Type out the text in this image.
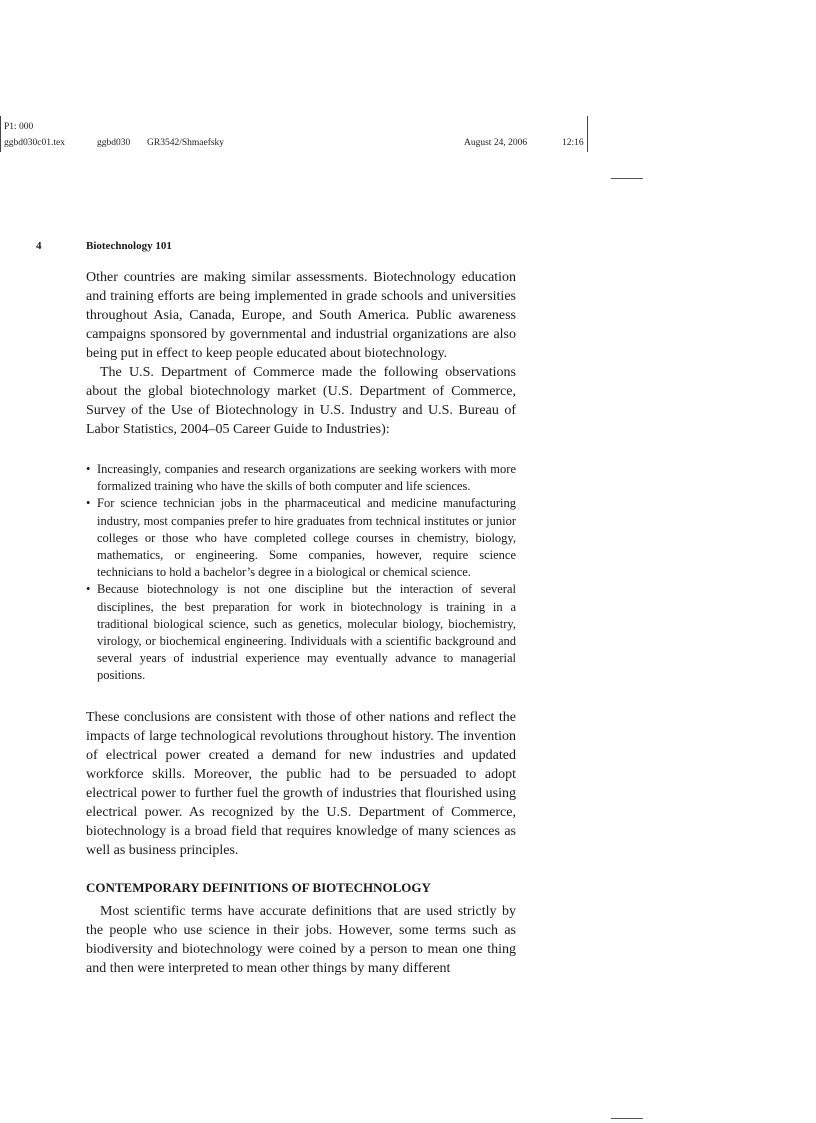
P1: 000
ggbd030c01.tex	ggbd030 GR3542/Shmaefsky	August 24, 2006	12:16
4	Biotechnology 101

Other countries are making similar assessments. Biotechnology education and training efforts are being implemented in grade schools and universities throughout Asia, Canada, Europe, and South America. Public awareness campaigns sponsored by governmental and industrial organizations are also being put in effect to keep people educated about biotechnology.

The U.S. Department of Commerce made the following observations about the global biotechnology market (U.S. Department of Commerce, Survey of the Use of Biotechnology in U.S. Industry and U.S. Bureau of Labor Statistics, 2004–05 Career Guide to Industries):

• Increasingly, companies and research organizations are seeking workers with more formalized training who have the skills of both computer and life sciences.
• For science technician jobs in the pharmaceutical and medicine manufacturing industry, most companies prefer to hire graduates from technical institutes or junior colleges or those who have completed college courses in chemistry, biology, mathematics, or engineering. Some companies, however, require science technicians to hold a bachelor’s degree in a biological or chemical science.
• Because biotechnology is not one discipline but the interaction of several disciplines, the best preparation for work in biotechnology is training in a traditional biological science, such as genetics, molecular biology, biochemistry, virology, or biochemical engineering. Individuals with a scientific background and several years of industrial experience may eventually advance to managerial positions.

These conclusions are consistent with those of other nations and reflect the impacts of large technological revolutions throughout history. The invention of electrical power created a demand for new industries and updated workforce skills. Moreover, the public had to be persuaded to adopt electrical power to further fuel the growth of industries that flourished using electrical power. As recognized by the U.S. Department of Commerce, biotechnology is a broad field that requires knowledge of many sciences as well as business principles.

CONTEMPORARY DEFINITIONS OF BIOTECHNOLOGY

Most scientific terms have accurate definitions that are used strictly by the people who use science in their jobs. However, some terms such as biodiversity and biotechnology were coined by a person to mean one thing and then were interpreted to mean other things by many different
